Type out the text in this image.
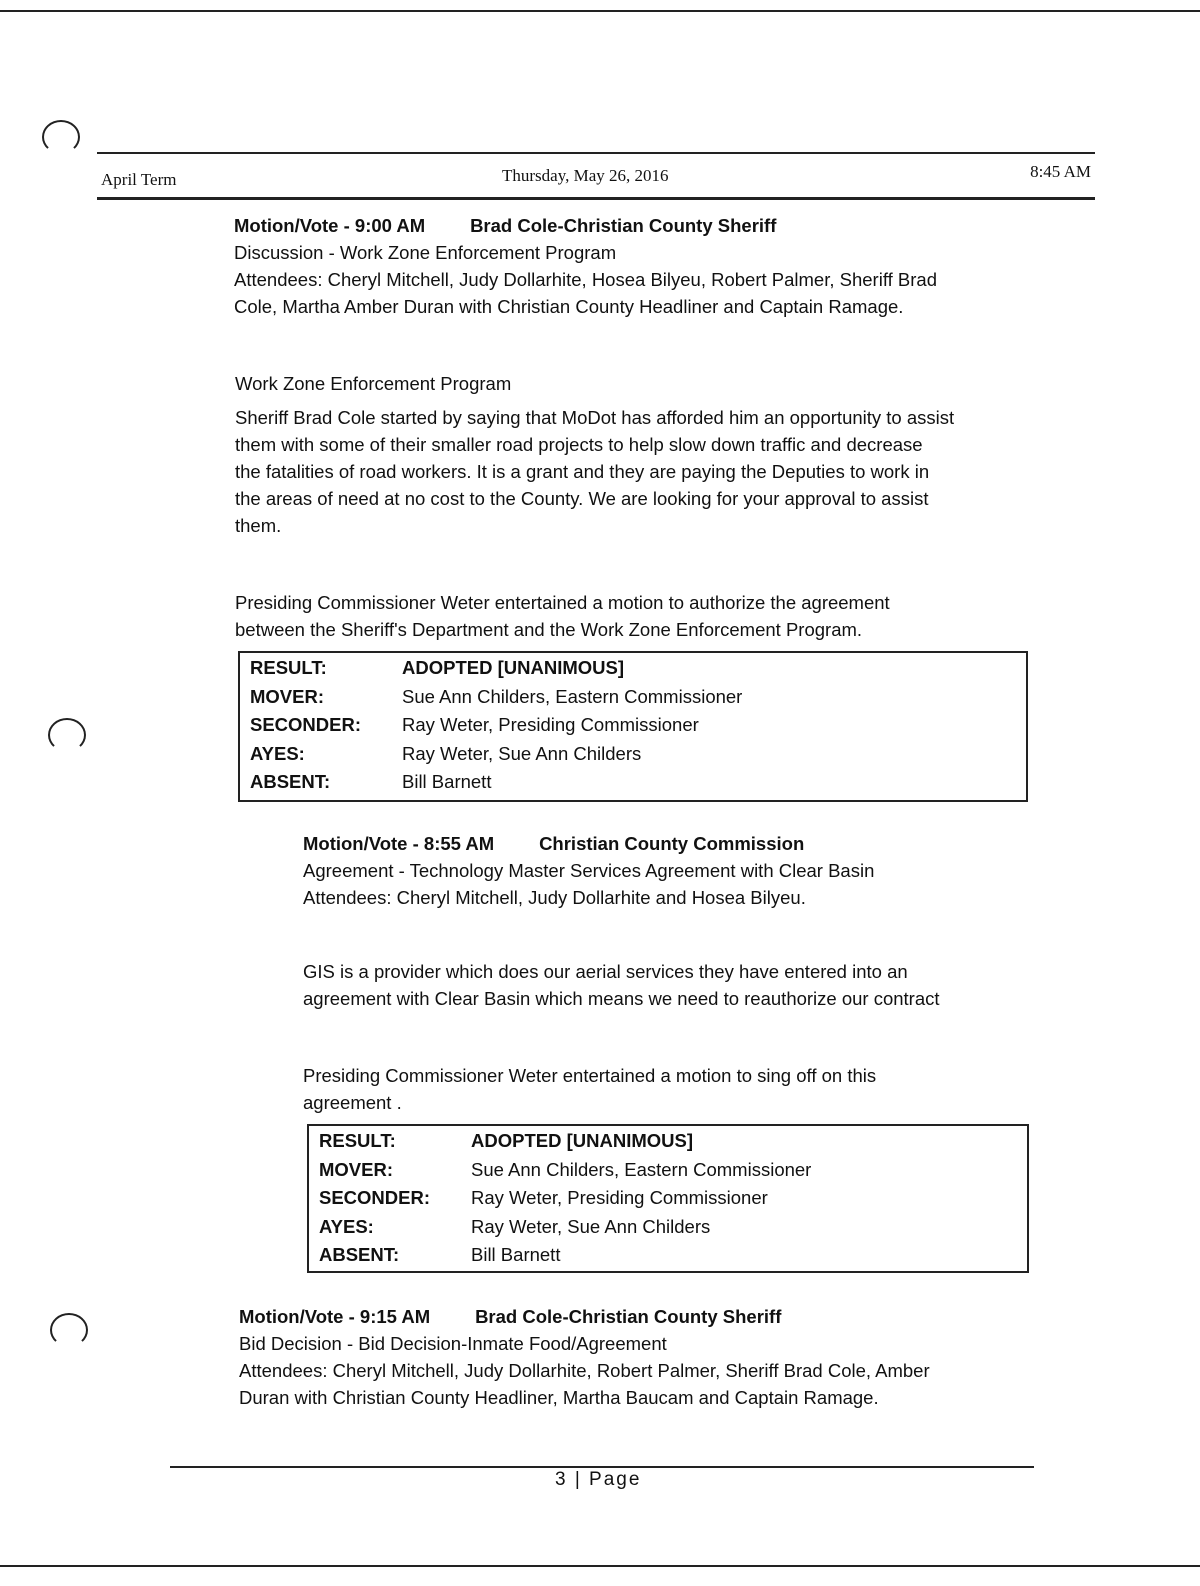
April Term	Thursday, May 26, 2016	8:45 AM
Motion/Vote - 9:00 AM Brad Cole-Christian County Sheriff
Discussion - Work Zone Enforcement Program
Attendees: Cheryl Mitchell, Judy Dollarhite, Hosea Bilyeu, Robert Palmer, Sheriff Brad
Cole, Martha Amber Duran with Christian County Headliner and Captain Ramage.
Work Zone Enforcement Program
Sheriff Brad Cole started by saying that MoDot has afforded him an opportunity to assist
them with some of their smaller road projects to help slow down traffic and decrease
the fatalities of road workers. It is a grant and they are paying the Deputies to work in
the areas of need at no cost to the County. We are looking for your approval to assist
them.
Presiding Commissioner Weter entertained a motion to authorize the agreement
between the Sheriff's Department and the Work Zone Enforcement Program.
RESULT:	ADOPTED [UNANIMOUS]
MOVER:	Sue Ann Childers, Eastern Commissioner
SECONDER: Ray Weter, Presiding Commissioner
AYES:	Ray Weter, Sue Ann Childers
ABSENT:	Bill Barnett
Motion/Vote - 8:55 AM Christian County Commission
Agreement - Technology Master Services Agreement with Clear Basin
Attendees: Cheryl Mitchell, Judy Dollarhite and Hosea Bilyeu.
GIS is a provider which does our aerial services they have entered into an
agreement with Clear Basin which means we need to reauthorize our contract
Presiding Commissioner Weter entertained a motion to sing off on this
agreement .
RESULT:	ADOPTED [UNANIMOUS]
MOVER:	Sue Ann Childers, Eastern Commissioner
SECONDER: Ray Weter, Presiding Commissioner
AYES:	Ray Weter, Sue Ann Childers
ABSENT:	Bill Barnett
Motion/Vote - 9:15 AM Brad Cole-Christian County Sheriff
Bid Decision - Bid Decision-Inmate Food/Agreement
Attendees: Cheryl Mitchell, Judy Dollarhite, Robert Palmer, Sheriff Brad Cole, Amber
Duran with Christian County Headliner, Martha Baucam and Captain Ramage.
3 | Page
